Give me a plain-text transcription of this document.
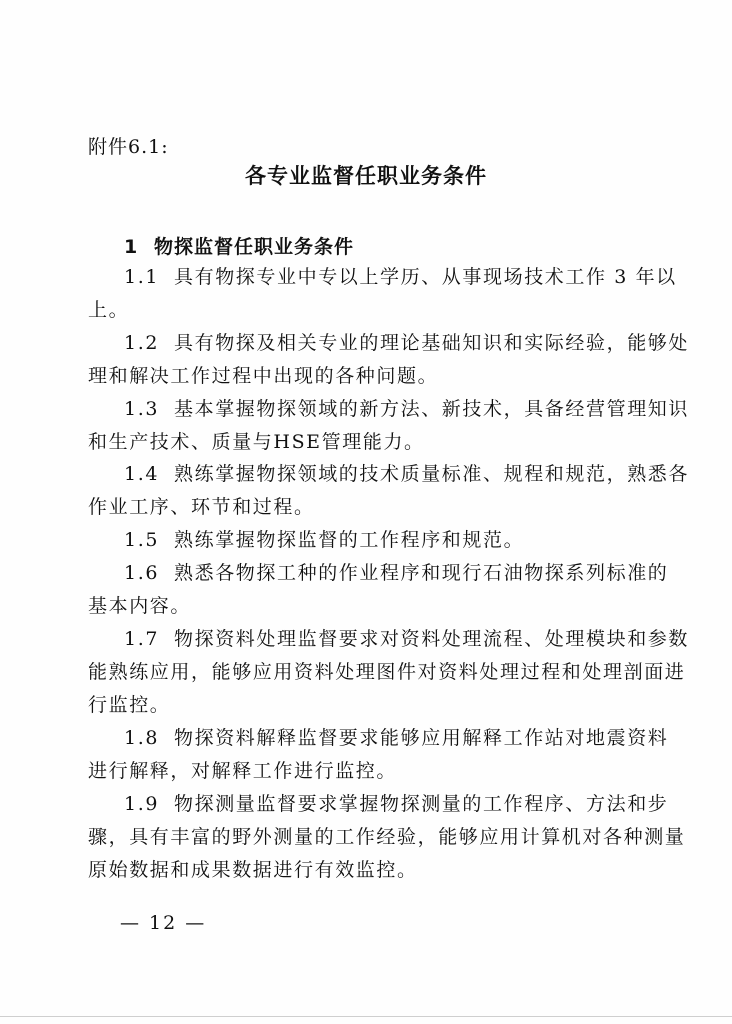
附件6.1:
各专业监督任职业务条件
1 物探监督任职业务条件
1.1 具有物探专业中专以上学历、从事现场技术工作 3 年以
上。
1.2 具有物探及相关专业的理论基础知识和实际经验，能够处
理和解决工作过程中出现的各种问题。
1.3 基本掌握物探领域的新方法、新技术，具备经营管理知识
和生产技术、质量与HSE管理能力。
1.4 熟练掌握物探领域的技术质量标准、规程和规范，熟悉各
作业工序、环节和过程。
1.5 熟练掌握物探监督的工作程序和规范。
1.6 熟悉各物探工种的作业程序和现行石油物探系列标准的
基本内容。
1.7 物探资料处理监督要求对资料处理流程、处理模块和参数
能熟练应用，能够应用资料处理图件对资料处理过程和处理剖面进
行监控。
1.8 物探资料解释监督要求能够应用解释工作站对地震资料
进行解释，对解释工作进行监控。
1.9 物探测量监督要求掌握物探测量的工作程序、方法和步
骤，具有丰富的野外测量的工作经验，能够应用计算机对各种测量
原始数据和成果数据进行有效监控。
— 12 —
